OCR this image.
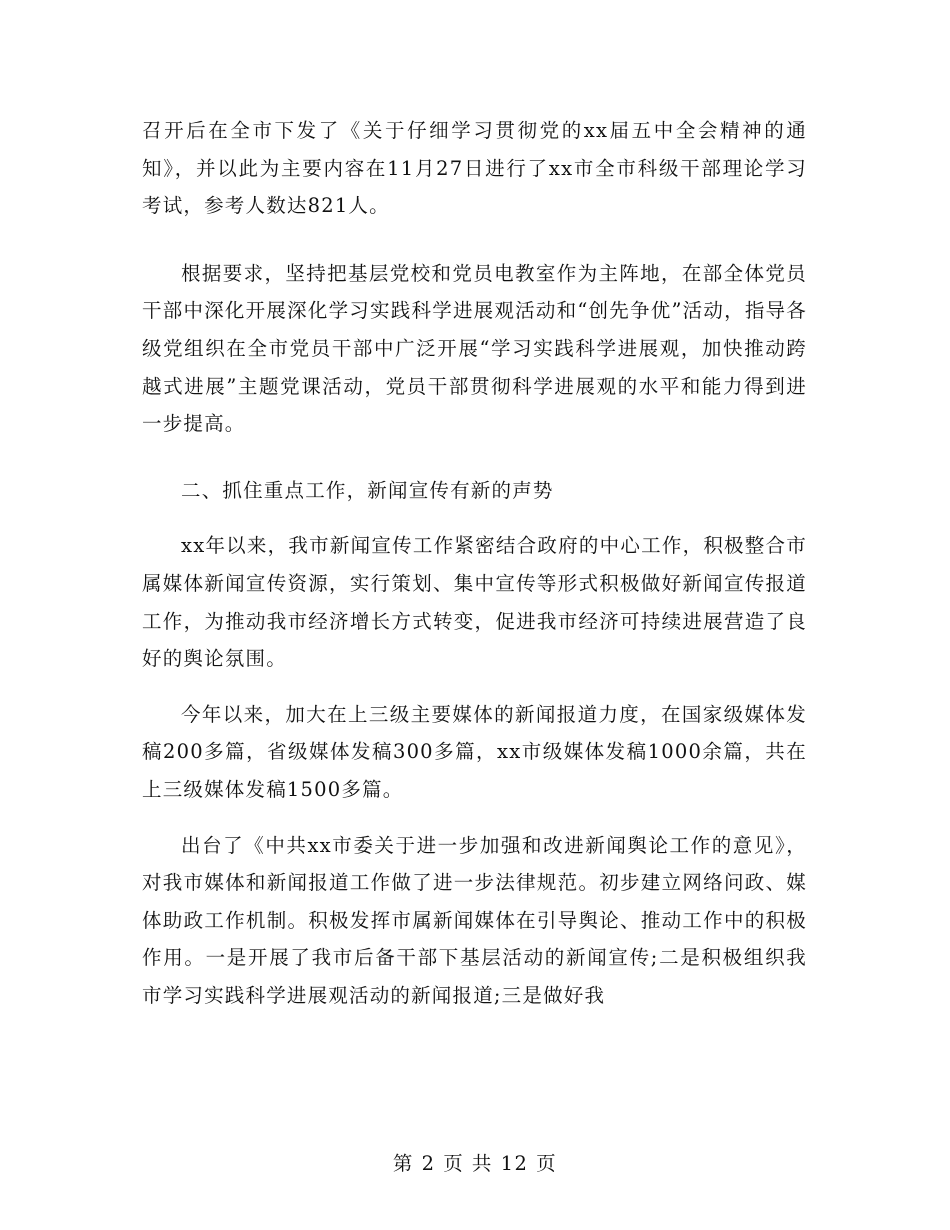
召开后在全市下发了《关于仔细学习贯彻党的xx届五中全会精神的通知》，并以此为主要内容在11月27日进行了xx市全市科级干部理论学习考试，参考人数达821人。

根据要求，坚持把基层党校和党员电教室作为主阵地，在部全体党员干部中深化开展深化学习实践科学进展观活动和“创先争优”活动，指导各级党组织在全市党员干部中广泛开展“学习实践科学进展观，加快推动跨越式进展”主题党课活动，党员干部贯彻科学进展观的水平和能力得到进一步提高。

二、抓住重点工作，新闻宣传有新的声势

xx年以来，我市新闻宣传工作紧密结合政府的中心工作，积极整合市属媒体新闻宣传资源，实行策划、集中宣传等形式积极做好新闻宣传报道工作，为推动我市经济增长方式转变，促进我市经济可持续进展营造了良好的舆论氛围。

今年以来，加大在上三级主要媒体的新闻报道力度，在国家级媒体发稿200多篇，省级媒体发稿300多篇，xx市级媒体发稿1000余篇，共在上三级媒体发稿1500多篇。

出台了《中共xx市委关于进一步加强和改进新闻舆论工作的意见》，对我市媒体和新闻报道工作做了进一步法律规范。初步建立网络问政、媒体助政工作机制。积极发挥市属新闻媒体在引导舆论、推动工作中的积极作用。一是开展了我市后备干部下基层活动的新闻宣传;二是积极组织我市学习实践科学进展观活动的新闻报道;三是做好我

第 2 页 共 12 页
